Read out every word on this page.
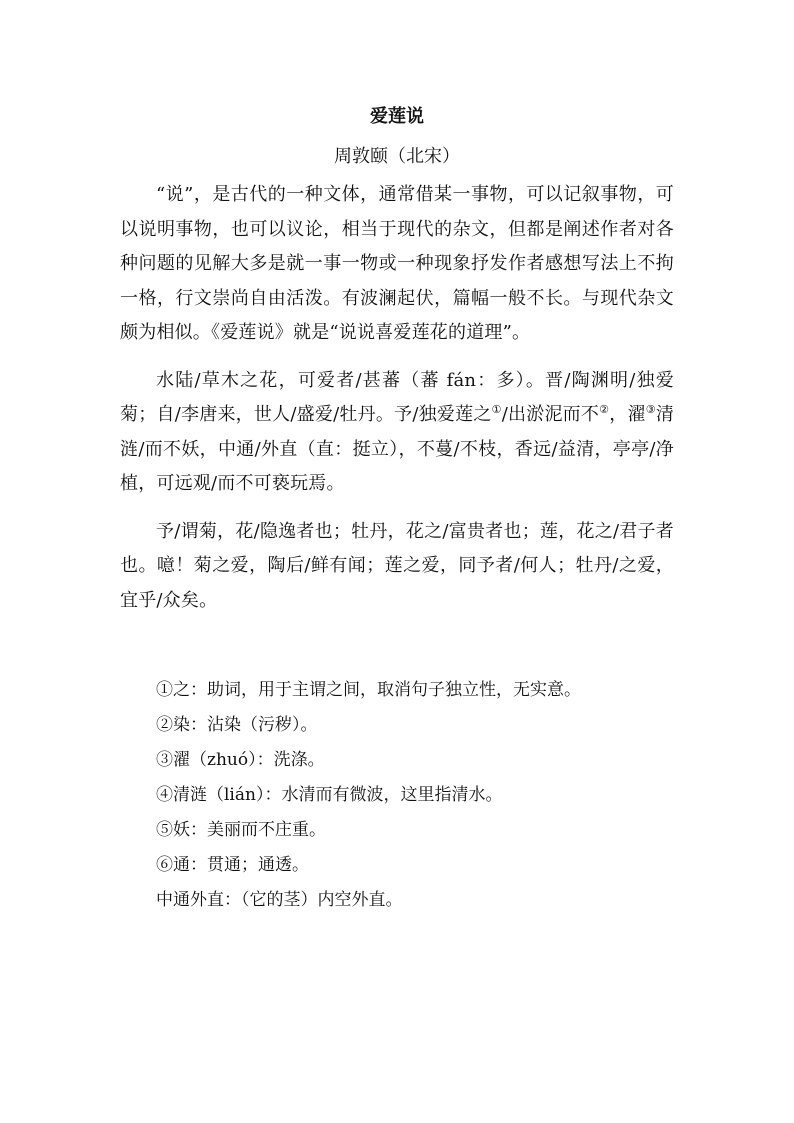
爱莲说
周敦颐（北宋）

“说”，是古代的一种文体，通常借某一事物，可以记叙事物，可以说明事物，也可以议论，相当于现代的杂文，但都是阐述作者对各种问题的见解大多是就一事一物或一种现象抒发作者感想写法上不拘一格，行文崇尚自由活泼。有波澜起伏，篇幅一般不长。与现代杂文颇为相似。《爱莲说》就是“说说喜爱莲花的道理”。

水陆/草木之花，可爱者/甚蕃（蕃 fán：多）。晋/陶渊明/独爱菊；自/李唐来，世人/盛爱/牡丹。予/独爱莲之①/出淤泥而不②，濯③清涟/而不妖，中通/外直（直：挺立），不蔓/不枝，香远/益清，亭亭/净植，可远观/而不可亵玩焉。

予/谓菊，花/隐逸者也；牡丹，花之/富贵者也；莲，花之/君子者也。噫！菊之爱，陶后/鲜有闻；莲之爱，同予者/何人；牡丹/之爱，宜乎/众矣。

①之：助词，用于主谓之间，取消句子独立性，无实意。

②染：沾染（污秽）。

③濯（zhuó）：洗涤。

④清涟（lián）：水清而有微波，这里指清水。

⑤妖：美丽而不庄重。

⑥通：贯通；通透。

中通外直：（它的茎）内空外直。
